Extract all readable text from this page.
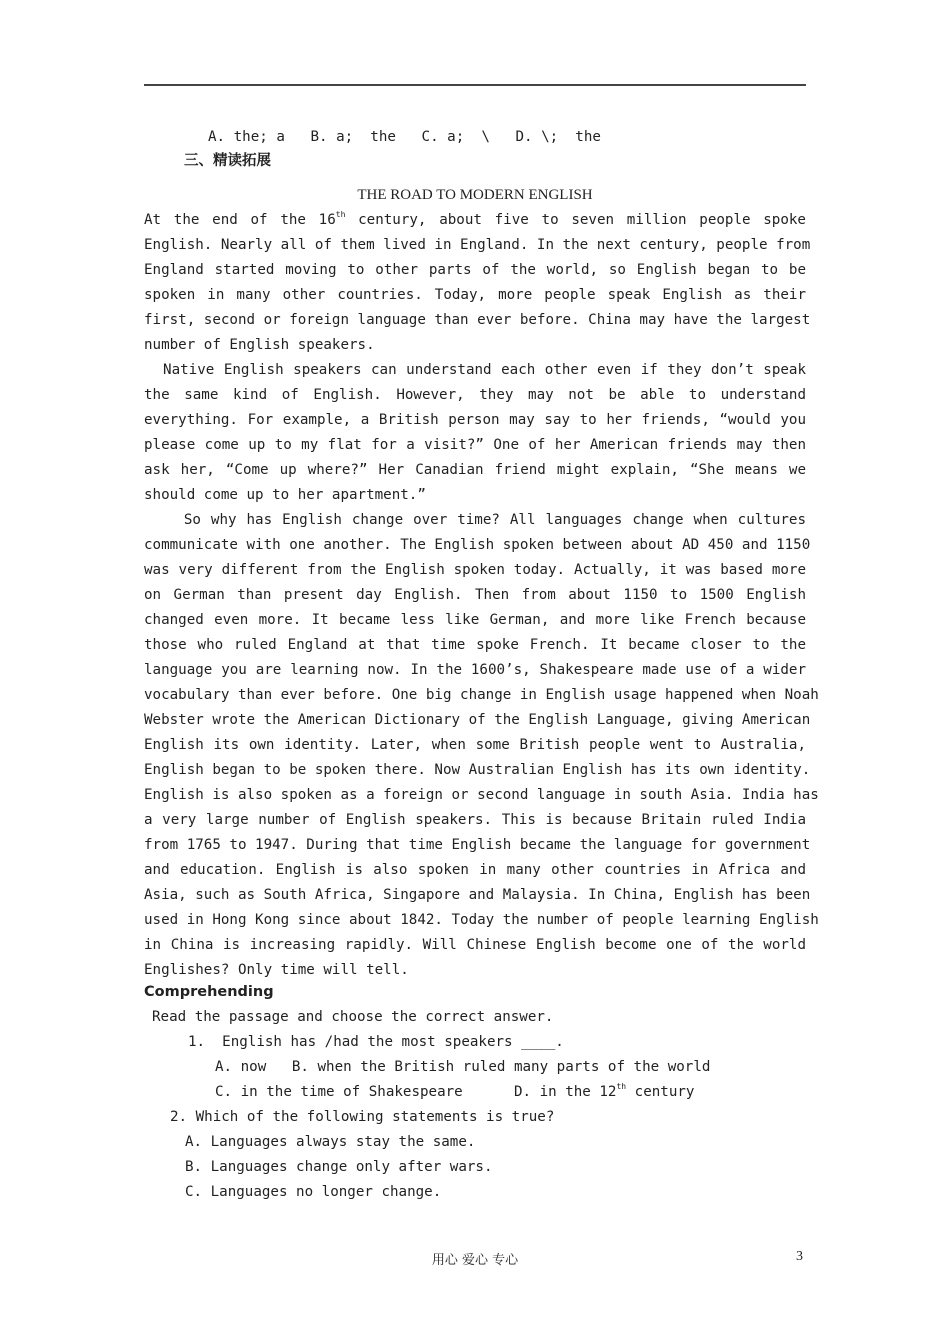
A. the; a   B. a;  the   C. a;  \   D. \;  the

三、精读拓展

THE ROAD TO MODERN ENGLISH

At the end of the 16th century, about five to seven million people spoke

English. Nearly all of them lived in England. In the next century, people from

England started moving to other parts of the world, so English began to be

spoken in many other countries. Today, more people speak English as their

first, second or foreign language than ever before. China may have the largest

number of English speakers.

Native English speakers can understand each other even if they don’t speak

the same kind of English. However, they may not be able to understand

everything. For example, a British person may say to her friends, “would you

please come up to my flat for a visit?” One of her American friends may then

ask her, “Come up where?” Her Canadian friend might explain, “She means we

should come up to her apartment.”

So why has English change over time? All languages change when cultures

communicate with one another. The English spoken between about AD 450 and 1150

was very different from the English spoken today. Actually, it was based more

on German than present day English. Then from about 1150 to 1500 English

changed even more. It became less like German, and more like French because

those who ruled England at that time spoke French. It became closer to the

language you are learning now. In the 1600’s, Shakespeare made use of a wider

vocabulary than ever before. One big change in English usage happened when Noah

Webster wrote the American Dictionary of the English Language, giving American

English its own identity. Later, when some British people went to Australia,

English began to be spoken there. Now Australian English has its own identity.

English is also spoken as a foreign or second language in south Asia. India has

a very large number of English speakers. This is because Britain ruled India

from 1765 to 1947. During that time English became the language for government

and education. English is also spoken in many other countries in Africa and

Asia, such as South Africa, Singapore and Malaysia. In China, English has been

used in Hong Kong since about 1842. Today the number of people learning English

in China is increasing rapidly. Will Chinese English become one of the world

Englishes? Only time will tell.

Comprehending

Read the passage and choose the correct answer.

1.  English has /had the most speakers ____.

A. now   B. when the British ruled many parts of the world

C. in the time of Shakespeare      D. in the 12th century

2. Which of the following statements is true?

A. Languages always stay the same.

B. Languages change only after wars.

C. Languages no longer change.

用心 爱心 专心	3
